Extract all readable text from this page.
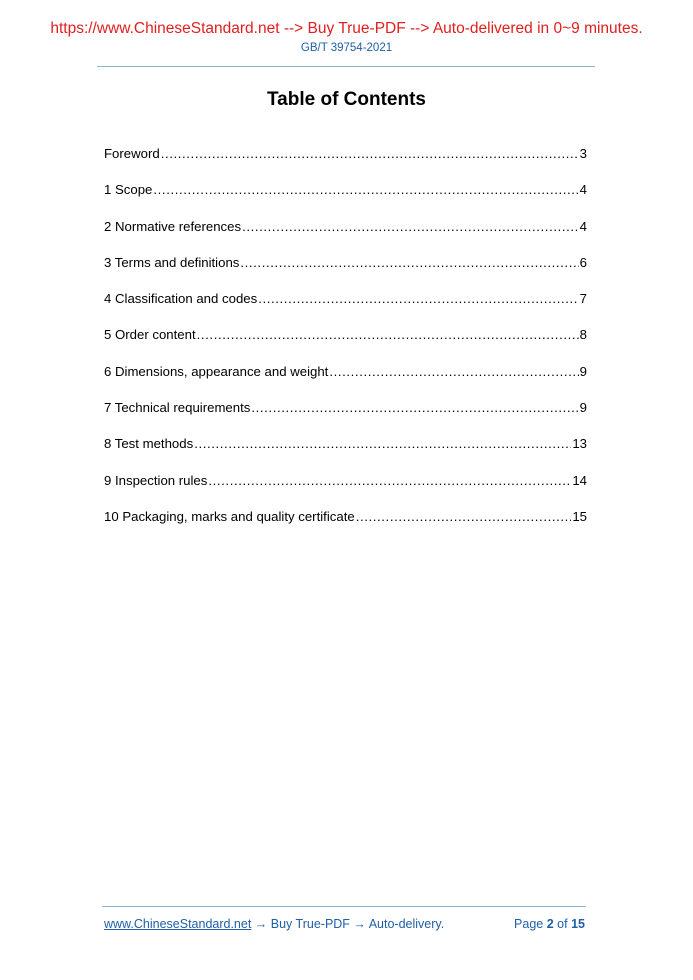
https://www.ChineseStandard.net --> Buy True-PDF --> Auto-delivered in 0~9 minutes.
GB/T 39754-2021
Table of Contents
Foreword .....	3
1 Scope .....	4
2 Normative references .....	4
3 Terms and definitions .....	6
4 Classification and codes .....	7
5 Order content .....	8
6 Dimensions, appearance and weight .....	9
7 Technical requirements .....	9
8 Test methods .....	13
9 Inspection rules .....	14
10 Packaging, marks and quality certificate .....	15
www.ChineseStandard.net → Buy True-PDF → Auto-delivery.	Page 2 of 15
